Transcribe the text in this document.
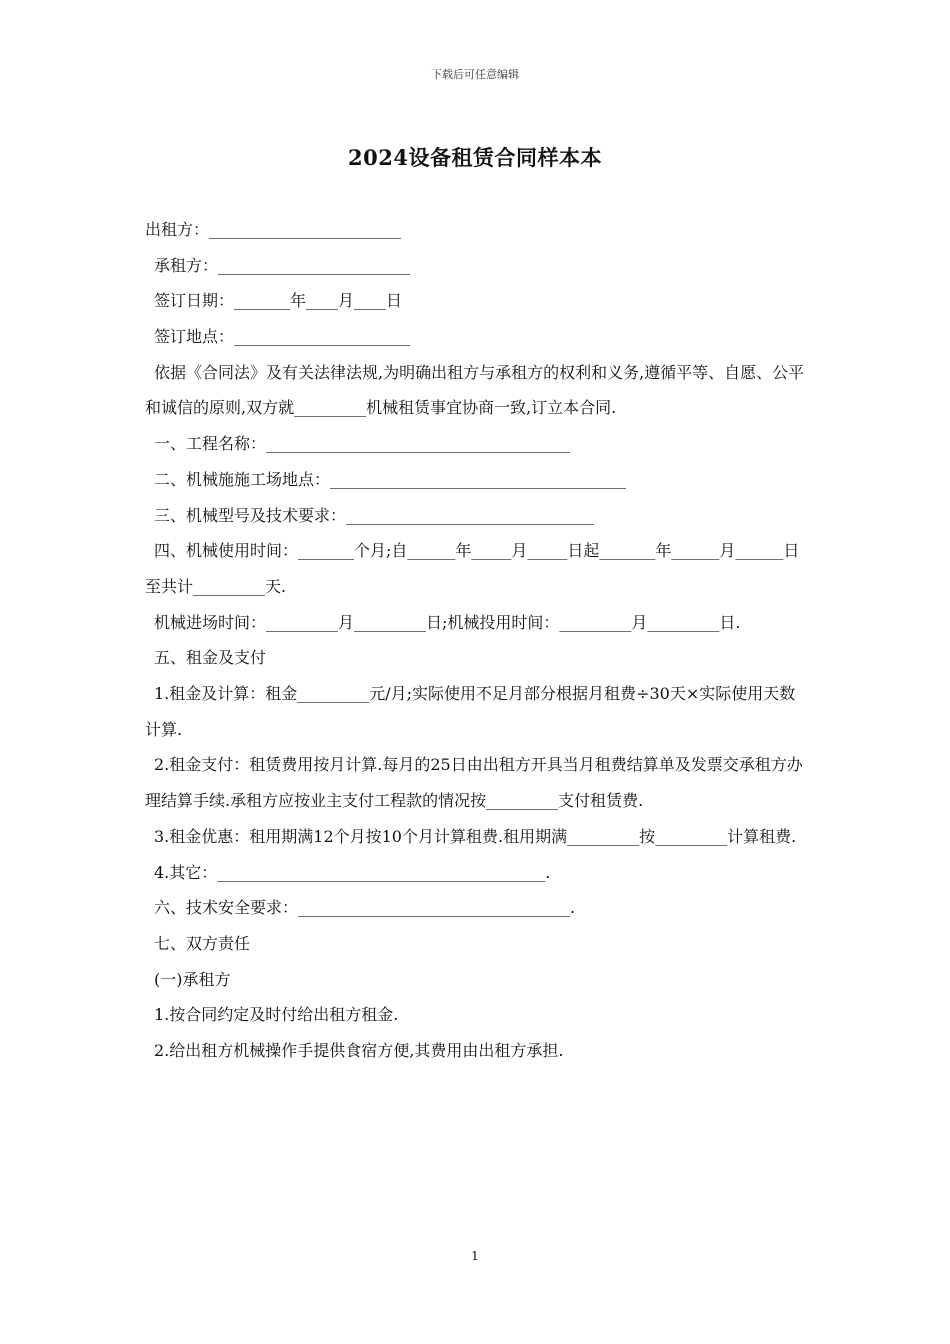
下载后可任意编辑
2024设备租赁合同样本本
出租方：________________________
承租方：________________________
签订日期：_______年____月____日
签订地点：______________________
依据《合同法》及有关法律法规,为明确出租方与承租方的权利和义务,遵循平等、自愿、公平和诚信的原则,双方就_________机械租赁事宜协商一致,订立本合同.
一、工程名称：______________________________________
二、机械施施工场地点：_____________________________________
三、机械型号及技术要求：_______________________________
四、机械使用时间：_______个月;自______年_____月_____日起_______年______月______日至共计_________天.
机械进场时间：_________月_________日;机械投用时间：_________月_________日.
五、租金及支付
1.租金及计算：租金_________元/月;实际使用不足月部分根据月租费÷30天×实际使用天数计算.
2.租金支付：租赁费用按月计算.每月的25日由出租方开具当月租费结算单及发票交承租方办理结算手续.承租方应按业主支付工程款的情况按_________支付租赁费.
3.租金优惠：租用期满12个月按10个月计算租费.租用期满_________按_________计算租费.
4.其它：_________________________________________.
六、技术安全要求：__________________________________.
七、双方责任
(一)承租方
1.按合同约定及时付给出租方租金.
2.给出租方机械操作手提供食宿方便,其费用由出租方承担.
1
